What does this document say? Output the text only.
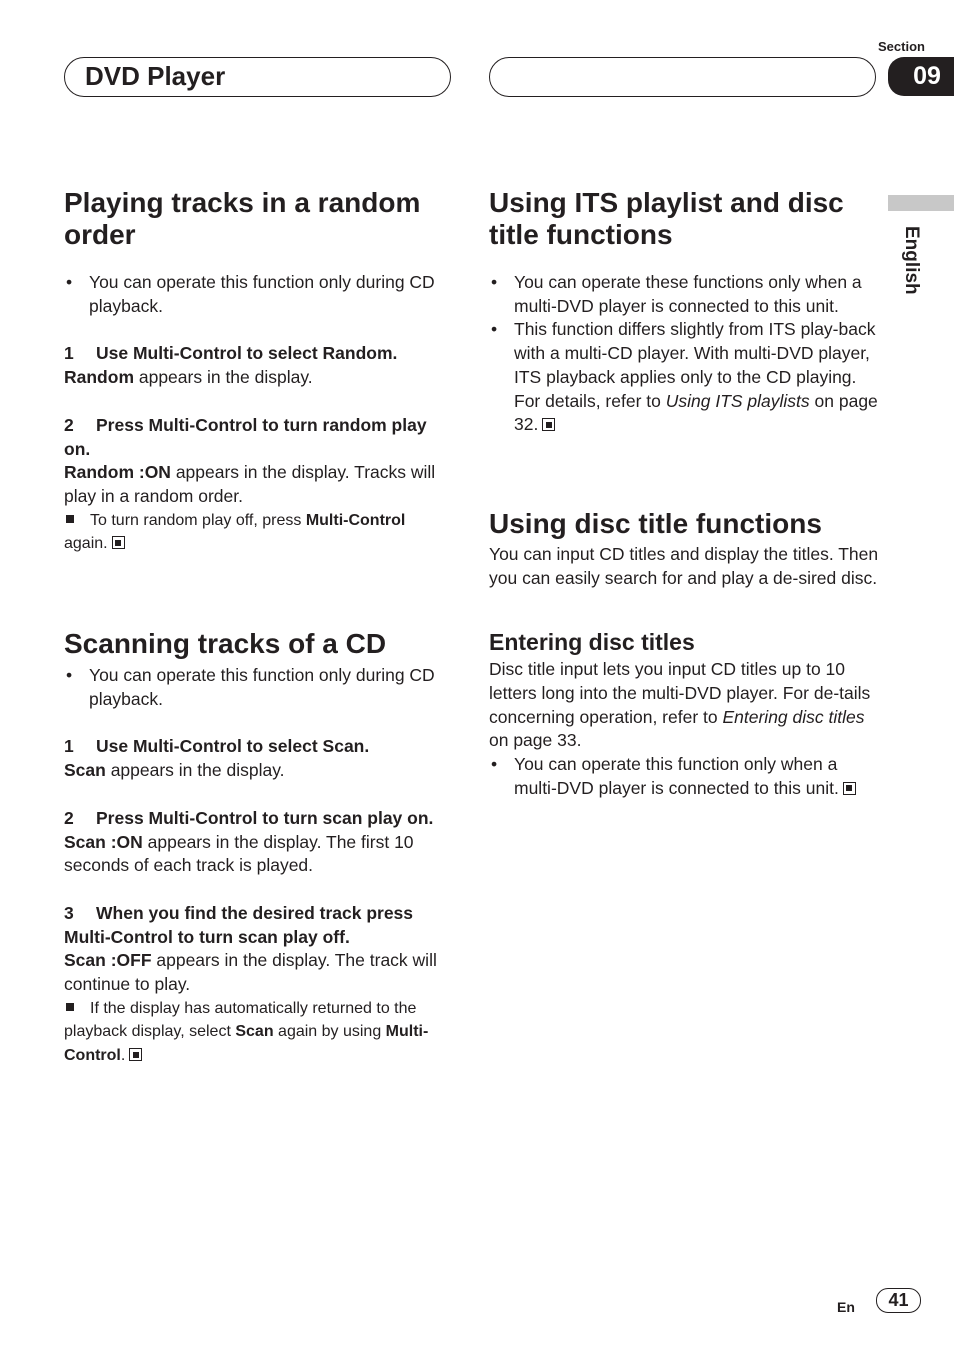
DVD Player
Section
09
English
Playing tracks in a random order

• You can operate this function only during CD playback.

1 Use Multi-Control to select Random.

Random appears in the display.

2 Press Multi-Control to turn random play on.

Random :ON appears in the display. Tracks will play in a random order.

To turn random play off, press Multi-Control again.

Scanning tracks of a CD

• You can operate this function only during CD playback.

1 Use Multi-Control to select Scan.

Scan appears in the display.

2 Press Multi-Control to turn scan play on.

Scan :ON appears in the display. The first 10 seconds of each track is played.

3 When you find the desired track press Multi-Control to turn scan play off.

Scan :OFF appears in the display. The track will continue to play.

If the display has automatically returned to the playback display, select Scan again by using Multi-Control.

Using ITS playlist and disc title functions

• You can operate these functions only when a multi-DVD player is connected to this unit.

• This function differs slightly from ITS play-back with a multi-CD player. With multi-DVD player, ITS playback applies only to the CD playing. For details, refer to Using ITS playlists on page 32.

Using disc title functions

You can input CD titles and display the titles. Then you can easily search for and play a de-sired disc.

Entering disc titles

Disc title input lets you input CD titles up to 10 letters long into the multi-DVD player. For de-tails concerning operation, refer to Entering disc titles on page 33.

• You can operate this function only when a multi-DVD player is connected to this unit.

En	41
